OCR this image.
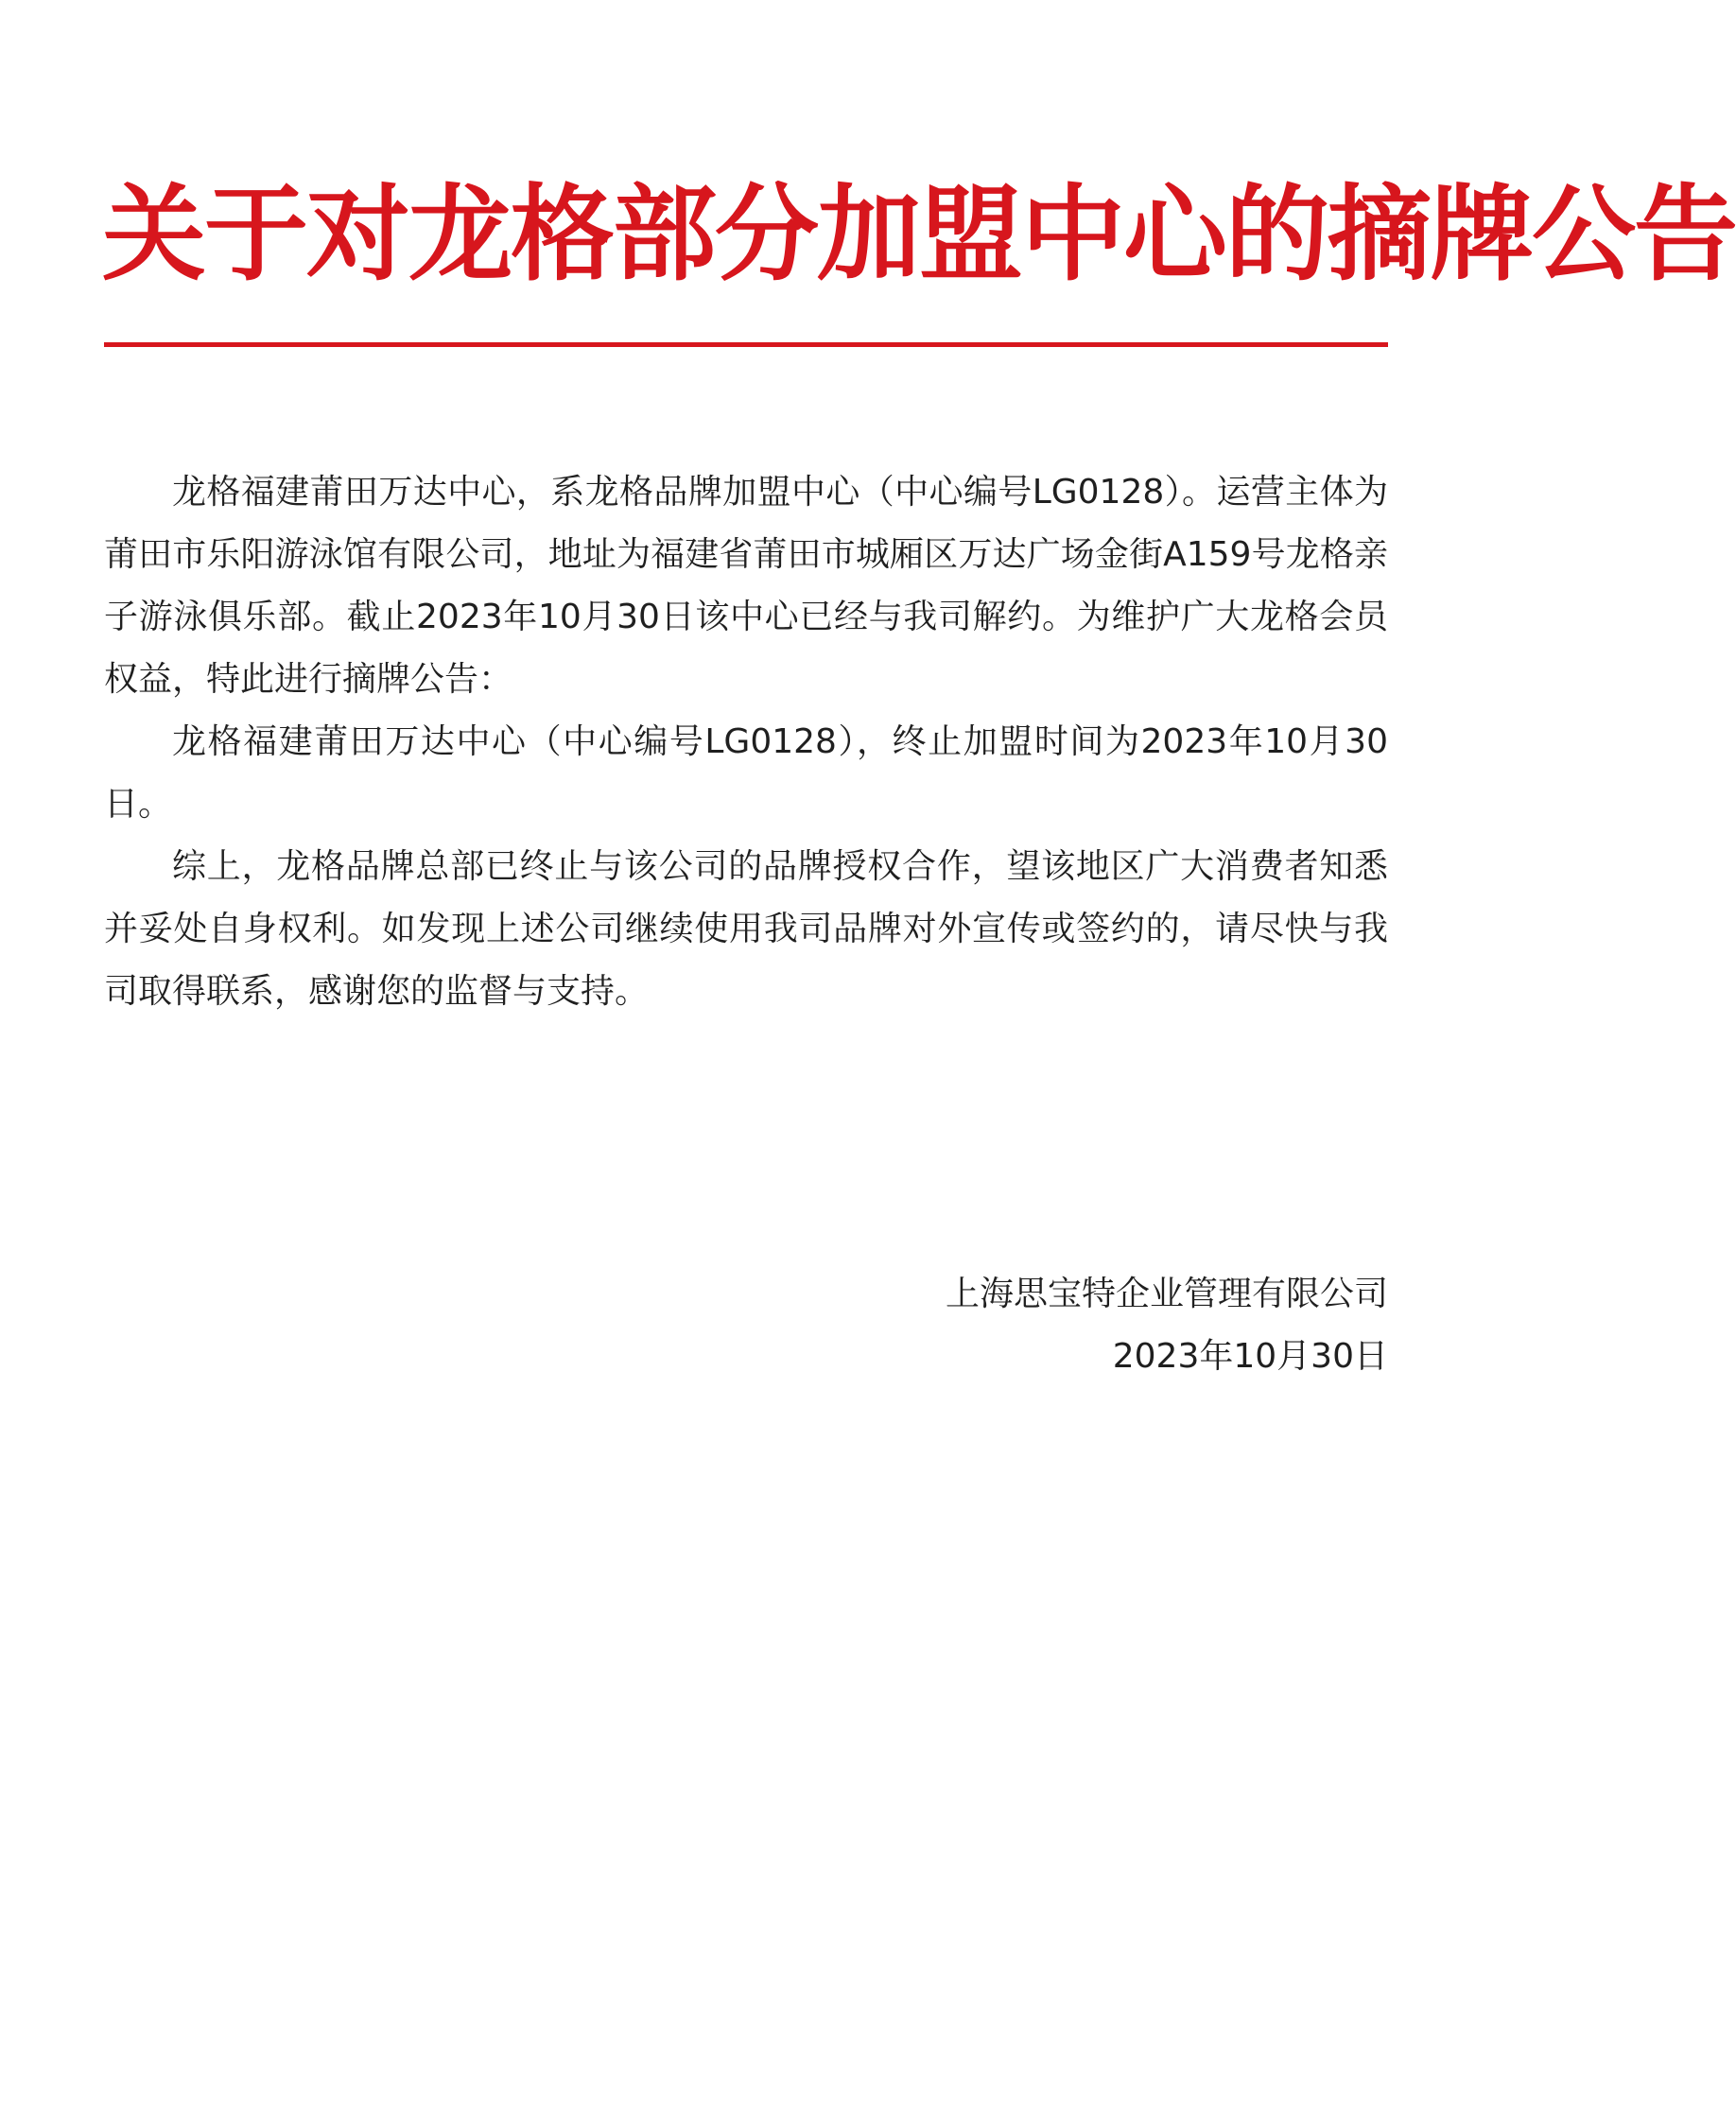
关于对龙格部分加盟中心的摘牌公告

龙格福建莆田万达中心，系龙格品牌加盟中心（中心编号LG0128）。运营主体为莆田市乐阳游泳馆有限公司，地址为福建省莆田市城厢区万达广场金街A159号龙格亲子游泳俱乐部。截止2023年10月30日该中心已经与我司解约。为维护广大龙格会员权益，特此进行摘牌公告：

龙格福建莆田万达中心（中心编号LG0128），终止加盟时间为2023年10月30日。

综上，龙格品牌总部已终止与该公司的品牌授权合作，望该地区广大消费者知悉并妥处自身权利。如发现上述公司继续使用我司品牌对外宣传或签约的，请尽快与我司取得联系，感谢您的监督与支持。

上海思宝特企业管理有限公司
2023年10月30日
